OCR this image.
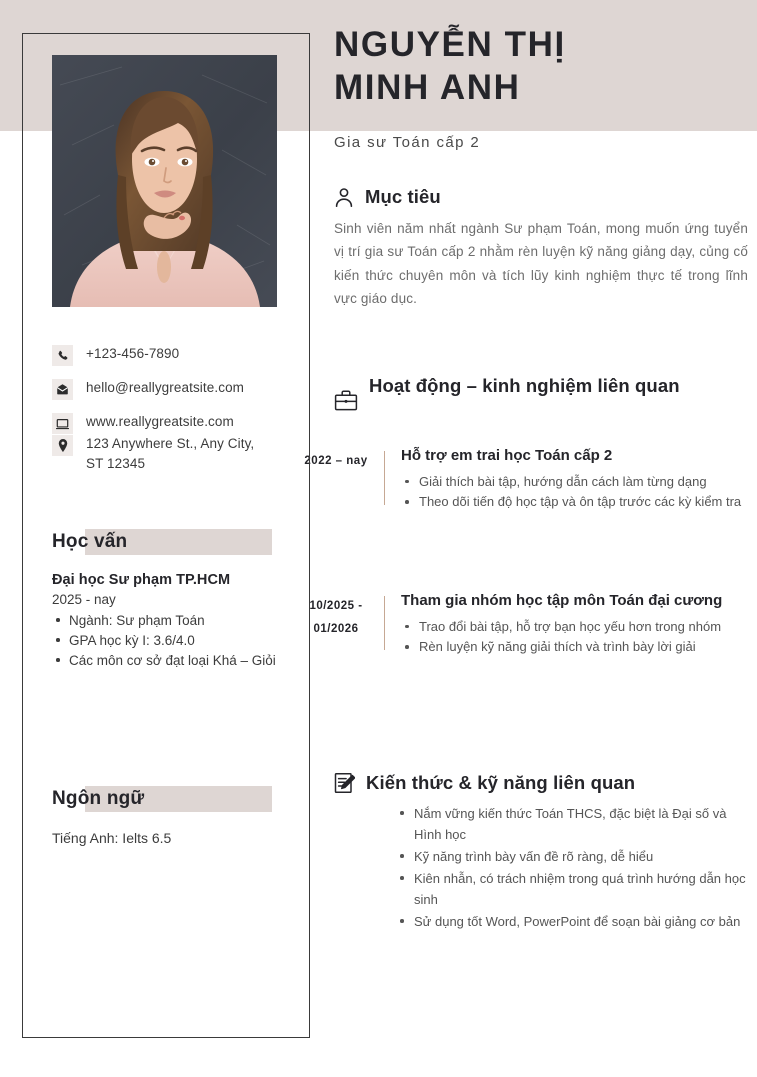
+123-456-7890
hello@reallygreatsite.com
www.reallygreatsite.com
123 Anywhere St., Any City, ST 12345
Học vấn
Đại học Sư phạm TP.HCM
2025 - nay
Ngành: Sư phạm Toán
GPA học kỳ I: 3.6/4.0
Các môn cơ sở đạt loại Khá – Giỏi
Ngôn ngữ
Tiếng Anh: Ielts 6.5
NGUYỄN THỊ
MINH ANH
Gia sư Toán cấp 2
Mục tiêu
Sinh viên năm nhất ngành Sư phạm Toán, mong muốn ứng tuyển vị trí gia sư Toán cấp 2 nhằm rèn luyện kỹ năng giảng dạy, củng cố kiến thức chuyên môn và tích lũy kinh nghiệm thực tế trong lĩnh vực giáo dục.
Hoạt động – kinh nghiệm liên quan
2022 – nay Hỗ trợ em trai học Toán cấp 2
Giải thích bài tập, hướng dẫn cách làm từng dạng
Theo dõi tiến độ học tập và ôn tập trước các kỳ kiểm tra
10/2025 - 01/2026
Tham gia nhóm học tập môn Toán đại cương
Trao đổi bài tập, hỗ trợ bạn học yếu hơn trong nhóm
Rèn luyện kỹ năng giải thích và trình bày lời giải
Kiến thức & kỹ năng liên quan
Nắm vững kiến thức Toán THCS, đặc biệt là Đại số và Hình học
Kỹ năng trình bày vấn đề rõ ràng, dễ hiểu
Kiên nhẫn, có trách nhiệm trong quá trình hướng dẫn học sinh
Sử dụng tốt Word, PowerPoint để soạn bài giảng cơ bản
